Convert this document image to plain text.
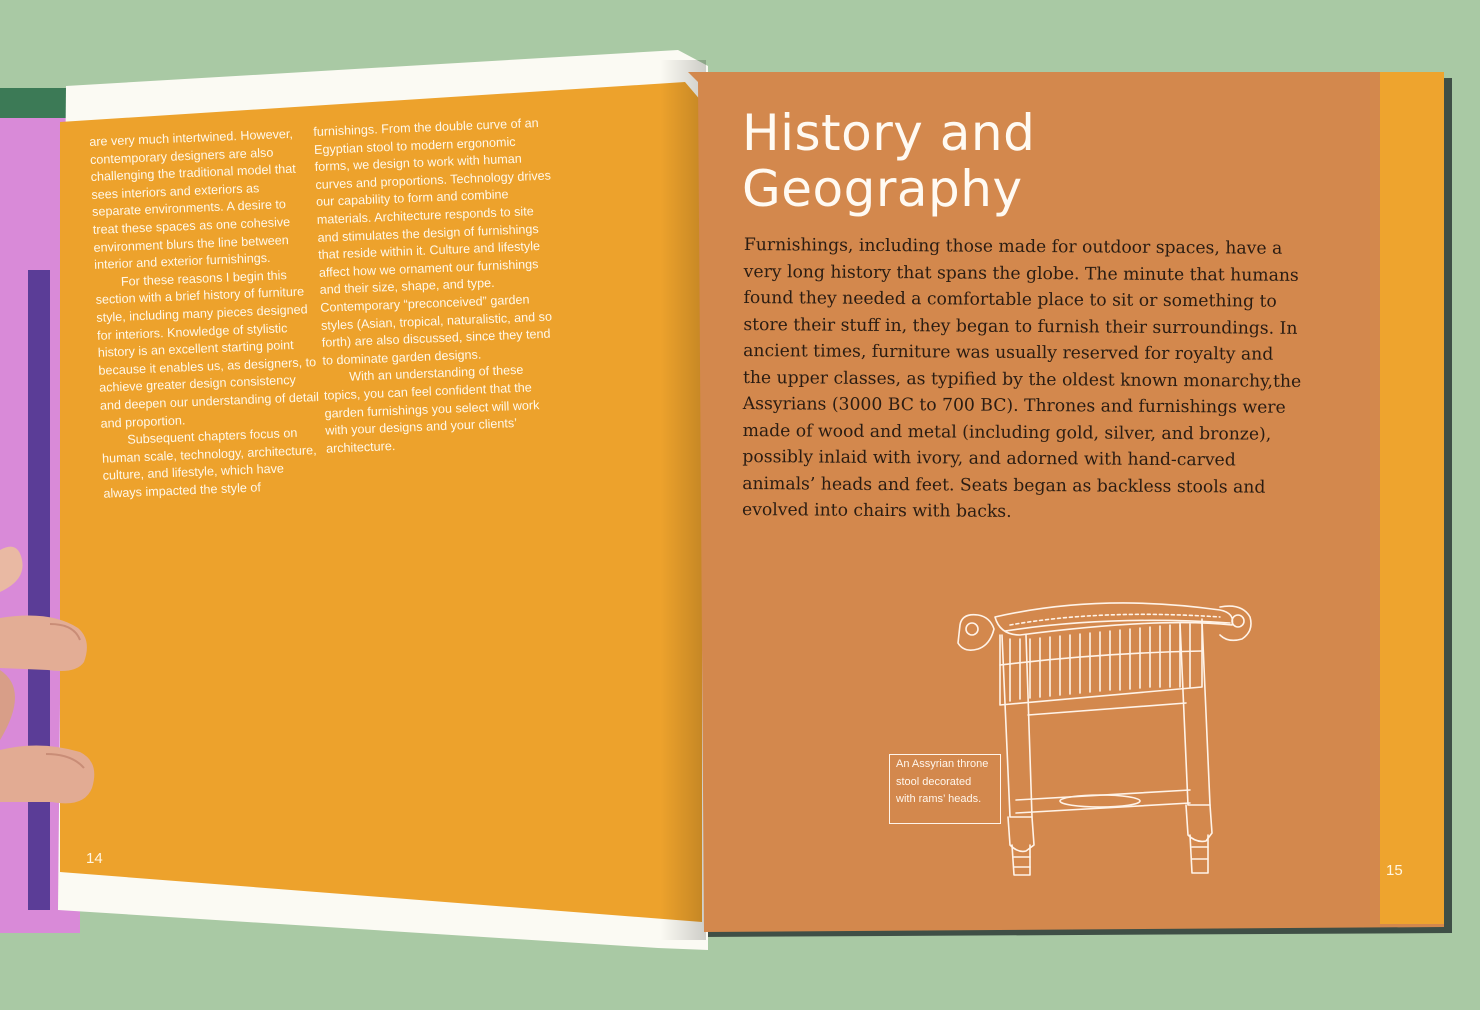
are very much intertwined. However, contemporary designers are also challenging the traditional model that sees interiors and exteriors as separate environments. A desire to treat these spaces as one cohesive environment blurs the line between interior and exterior furnishings.

For these reasons I begin this section with a brief history of furniture style, including many pieces designed for interiors. Knowledge of stylistic history is an excellent starting point because it enables us, as designers, to achieve greater design consistency and deepen our understanding of detail and proportion.

Subsequent chapters focus on human scale, technology, architecture, culture, and lifestyle, which have always impacted the style of

furnishings. From the double curve of an Egyptian stool to modern ergonomic forms, we design to work with human curves and proportions. Technology drives our capability to form and combine materials. Architecture responds to site and stimulates the design of furnishings that reside within it. Culture and lifestyle affect how we ornament our furnishings and their size, shape, and type. Contemporary “preconceived” garden styles (Asian, tropical, naturalistic, and so forth) are also discussed, since they tend to dominate garden designs.

With an understanding of these topics, you can feel confident that the garden furnishings you select will work with your designs and your clients’ architecture.

14
History and
Geography

Furnishings, including those made for outdoor spaces, have a very long history that spans the globe. The minute that humans found they needed a comfortable place to sit or something to store their stuff in, they began to furnish their surroundings. In ancient times, furniture was usually reserved for royalty and the upper classes, as typified by the oldest known monarchy,the Assyrians (3000 BC to 700 BC). Thrones and furnishings were made of wood and metal (including gold, silver, and bronze), possibly inlaid with ivory, and adorned with hand-carved animals’ heads and feet. Seats began as backless stools and evolved into chairs with backs.

An Assyrian throne
stool decorated
with rams’ heads.
15
